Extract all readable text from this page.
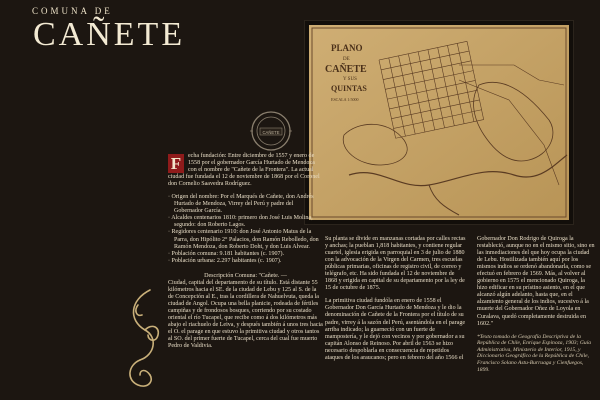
COMUNA DE
CAÑETE	PLANO
DE
CAÑETE
Y SUS
QUINTAS
ESCALA 1:5000
CAÑETE

F	echa fundación: Entre diciembre de 1557 y enero de 1558 por el gobernador García Hurtado de Mendoza con el nombre de "Cañete de la Frontera". La actual ciudad fue fundada el 12 de noviembre de 1868 por el Coronel don Cornelio Saavedra Rodríguez.

· Origen del nombre: Por el Marqués de Cañete, don Andrés Hurtado de Mendoza, Virrey del Perú y padre del Gobernador García.
· Alcaldes centenarios 1810: primero don José Luis Molina, segundo: don Roberto Lagos.
· Regidores centenario 1910: don José Antonio Matus de la Parra, don Hipólito 2° Palacios, don Ramón Rebolledo, don Ramón Mendoza, don Roberto Doht, y don Luis Alvear.
· Población comuna: 9.181 habitantes (c. 1907).
· Población urbana: 2.297 habitantes (c. 1907).

Descripción Comuna: "Cañete. —

Ciudad, capital del departamento de su título. Está distante 55 kilómetros hacia el SE. de la ciudad de Lebu y 125 al S. de la de Concepción al E., tras la cordillera de Nahuelvuta, queda la ciudad de Angol. Ocupa una bella planicie, rodeada de fértiles campiñas y de frondosos bosques, corriendo por su costado oriental el río Tucapel, que recibe como á dos kilómetros más abajo el riachuelo de Leiva, y después también á unos tres hacia el O. el parage en que estuvo la primitiva ciudad y otros tantos al SO. del primer fuerte de Tucapel, cerca del cual fue muerto Pedro de Valdivia.

Su planta se divide en manzanas cortadas por calles rectas y anchas; la pueblan 1,818 habitantes, y contiene regular cuartel, iglesia erigida en parroquial en 3 de julio de 1880 con la advocación de la Virgen del Carmen, tres escuelas públicas primarias, oficinas de registro civil, de correo y telégrafo, etc. Ha sido fundada el 12 de noviembre de 1868 y erigida en capital de su departamento por la ley de 15 de octubre de 1875.

La primitiva ciudad fundóla en enero de 1558 el Gobernador Don García Hurtado de Mendoza y le dio la denominación de Cañete de la Frontera por el título de su padre, virrey á la sazón del Perú, asentándola en el parage arriba indicado; la guarneció con un fuerte de mampostería, y le dejó con vecinos y por gobernador a su capitán Alonso de Reinoso. Por abril de 1563 se hizo necesario despoblarla en consecuencia de repetidos ataques de los araucanos; pero en febrero del año 1566 el

Gobernador Don Rodrigo de Quiroga la restableció, aunque no en el mismo sitio, sino en las inmediaciones del que hoy ocupa la ciudad de Lebu. Hostilizada también aquí por los mismos indios se ordenó abandonarla, como se efectuó en febrero de 1569. Más, al volver al gobierno en 1575 el mencionado Quiroga, la hizo edificar en su prístino asiento, en el que alcanzó algún adelanto, hasta que, en el alzamiento general de los indios, sucesivo á la muerte del Gobernador Oñez de Loyola en Curalava, quedó completamente destruida en 1602."

*Texto tomado de Geografía Descriptiva de la República de Chile, Enrique Espinoza, 1903; Guía Administrativa, Ministerio de Interior, 1915, y Diccionario Geográfico de la República de Chile, Francisco Solano Astu-Burruaga y Cienfuegos, 1899.
